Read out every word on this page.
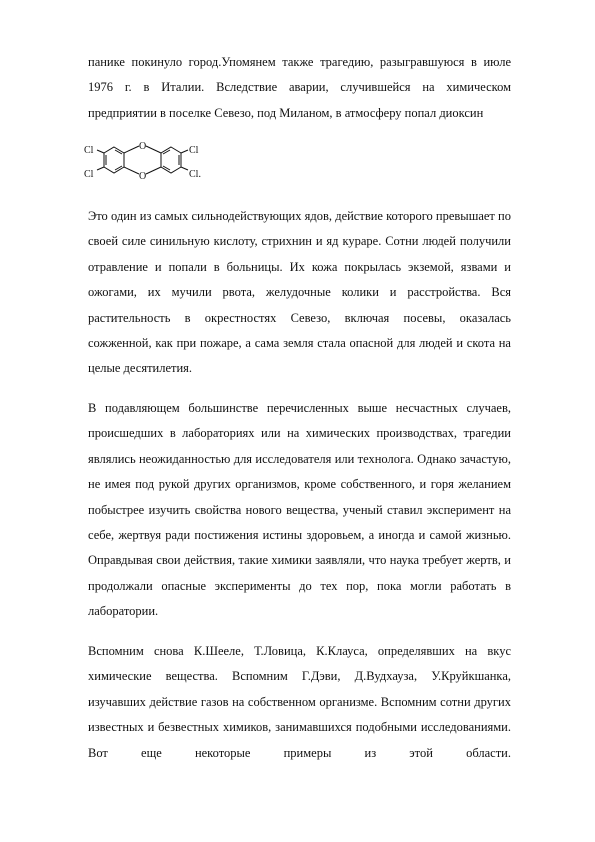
панике покинуло город.Упомянем также трагедию, разыгравшуюся в июле 1976 г. в Италии. Вследствие аварии, случившейся на химическом предприятии в поселке Севезо, под Миланом, в атмосферу попал диоксин

Cl
Cl
Cl
Cl.
O
O

Это один из самых сильнодействующих ядов, действие которого превышает по своей силе синильную кислоту, стрихнин и яд кураре. Сотни людей получили отравление и попали в больницы. Их кожа покрылась экземой, язвами и ожогами, их мучили рвота, желудочные колики и расстройства. Вся растительность в окрестностях Севезо, включая посевы, оказалась сожженной, как при пожаре, а сама земля стала опасной для людей и скота на целые десятилетия.

В подавляющем большинстве перечисленных выше несчастных случаев, происшедших в лабораториях или на химических производствах, трагедии являлись неожиданностью для исследователя или технолога. Однако зачастую, не имея под рукой других организмов, кроме собственного, и горя желанием побыстрее изучить свойства нового вещества, ученый ставил эксперимент на себе, жертвуя ради постижения истины здоровьем, а иногда и самой жизнью. Оправдывая свои действия, такие химики заявляли, что наука требует жертв, и продолжали опасные эксперименты до тех пор, пока могли работать в лаборатории.

Вспомним снова К.Шееле, Т.Ловица, К.Клауса, определявших на вкус химические вещества. Вспомним Г.Дэви, Д.Вудхауза, У.Круйкшанка, изучавших действие газов на собственном организме. Вспомним сотни других известных и безвестных химиков, занимавшихся подобными исследованиями. Вот еще некоторые примеры из этой области.
